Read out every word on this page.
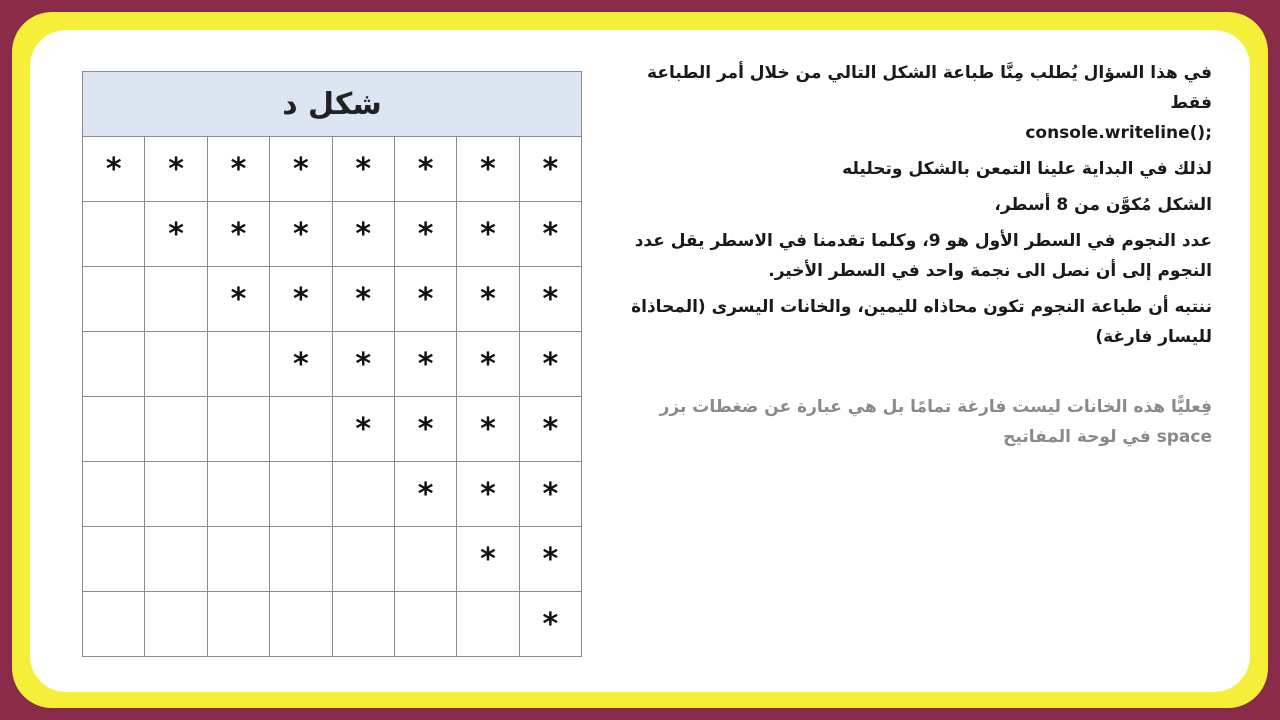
شكل د							
*	*	*	*	*	*	*	*
	*	*	*	*	*	*	*
		*	*	*	*	*	*
			*	*	*	*	*
				*	*	*	*
					*	*	*
						*	*
							*
في هذا السؤال يُطلب مِنَّا طباعة الشكل التالي من خلال أمر الطباعة فقط
console.writeline();
لذلك في البداية علينا التمعن بالشكل وتحليله
الشكل مُكوَّن من 8 أسطر،
عدد النجوم في السطر الأول هو 9، وكلما تقدمنا في الاسطر يقل عدد النجوم إلى أن نصل الى نجمة واحد في السطر الأخير.
ننتبه أن طباعة النجوم تكون محاذاه لليمين، والخانات اليسرى (المحاذاة لليسار فارغة)
فِعليًّا هذه الخانات ليست فارغة تمامًا بل هي عبارة عن ضغطات بزر space في لوحة المفاتيح
